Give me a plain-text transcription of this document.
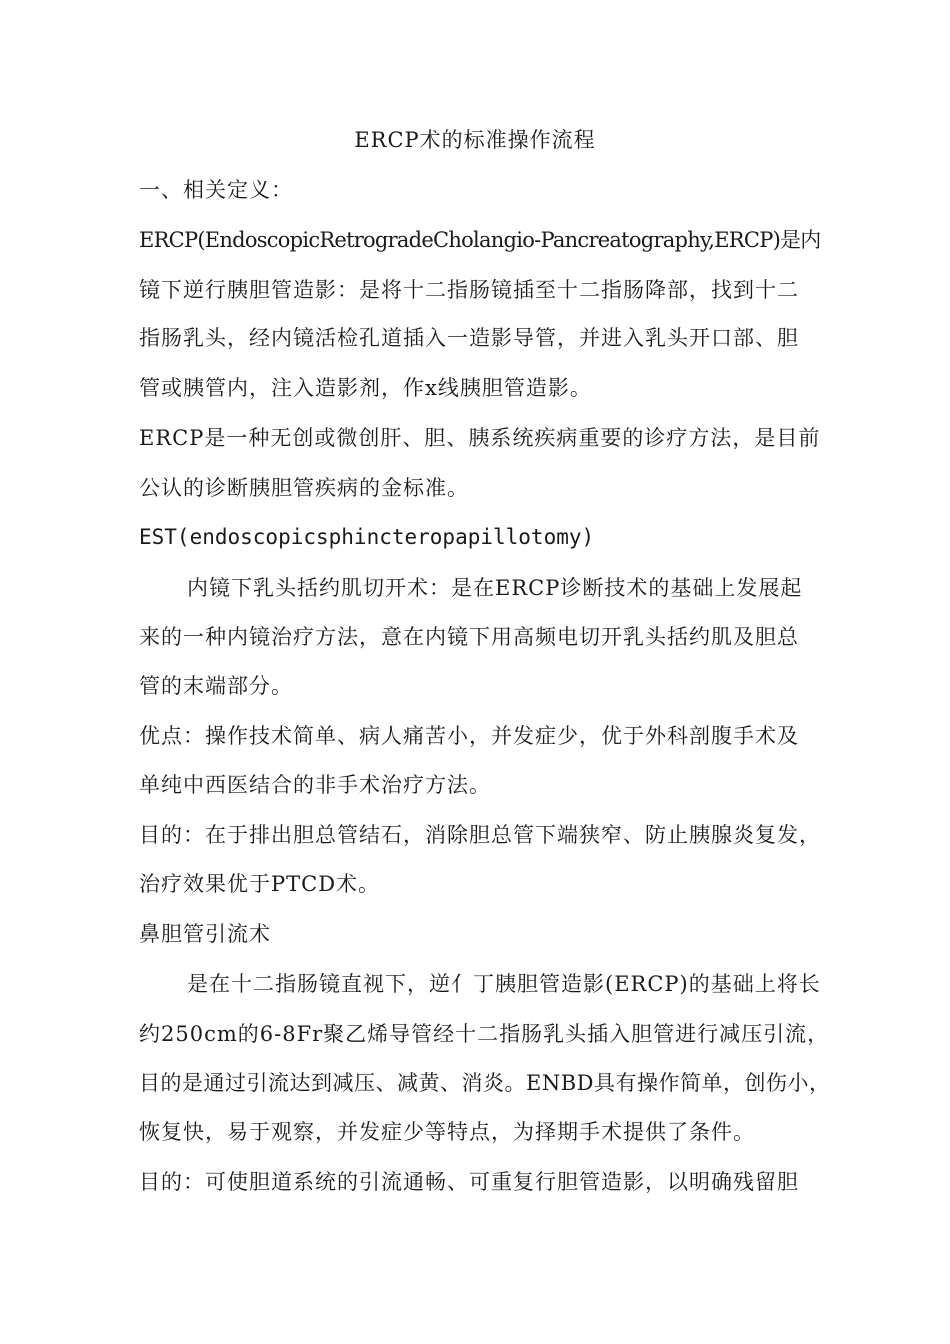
ERCP术的标准操作流程
一、相关定义：
ERCP(EndoscopicRetrogradeCholangio-Pancreatography,ERCP)是内
镜下逆行胰胆管造影：是将十二指肠镜插至十二指肠降部，找到十二
指肠乳头，经内镜活检孔道插入一造影导管，并进入乳头开口部、胆
管或胰管内，注入造影剂，作x线胰胆管造影。
ERCP是一种无创或微创肝、胆、胰系统疾病重要的诊疗方法，是目前
公认的诊断胰胆管疾病的金标准。
EST(endoscopicsphincteropapillotomy)
内镜下乳头括约肌切开术：是在ERCP诊断技术的基础上发展起
来的一种内镜治疗方法，意在内镜下用高频电切开乳头括约肌及胆总
管的末端部分。
优点：操作技术简单、病人痛苦小，并发症少，优于外科剖腹手术及
单纯中西医结合的非手术治疗方法。
目的：在于排出胆总管结石，消除胆总管下端狭窄、防止胰腺炎复发，
治疗效果优于PTCD术。
鼻胆管引流术
是在十二指肠镜直视下，逆亻丁胰胆管造影(ERCP)的基础上将长
约250cm的6-8Fr聚乙烯导管经十二指肠乳头插入胆管进行减压引流，
目的是通过引流达到减压、减黄、消炎。ENBD具有操作简单，创伤小，
恢复快，易于观察，并发症少等特点，为择期手术提供了条件。
目的：可使胆道系统的引流通畅、可重复行胆管造影，以明确残留胆
